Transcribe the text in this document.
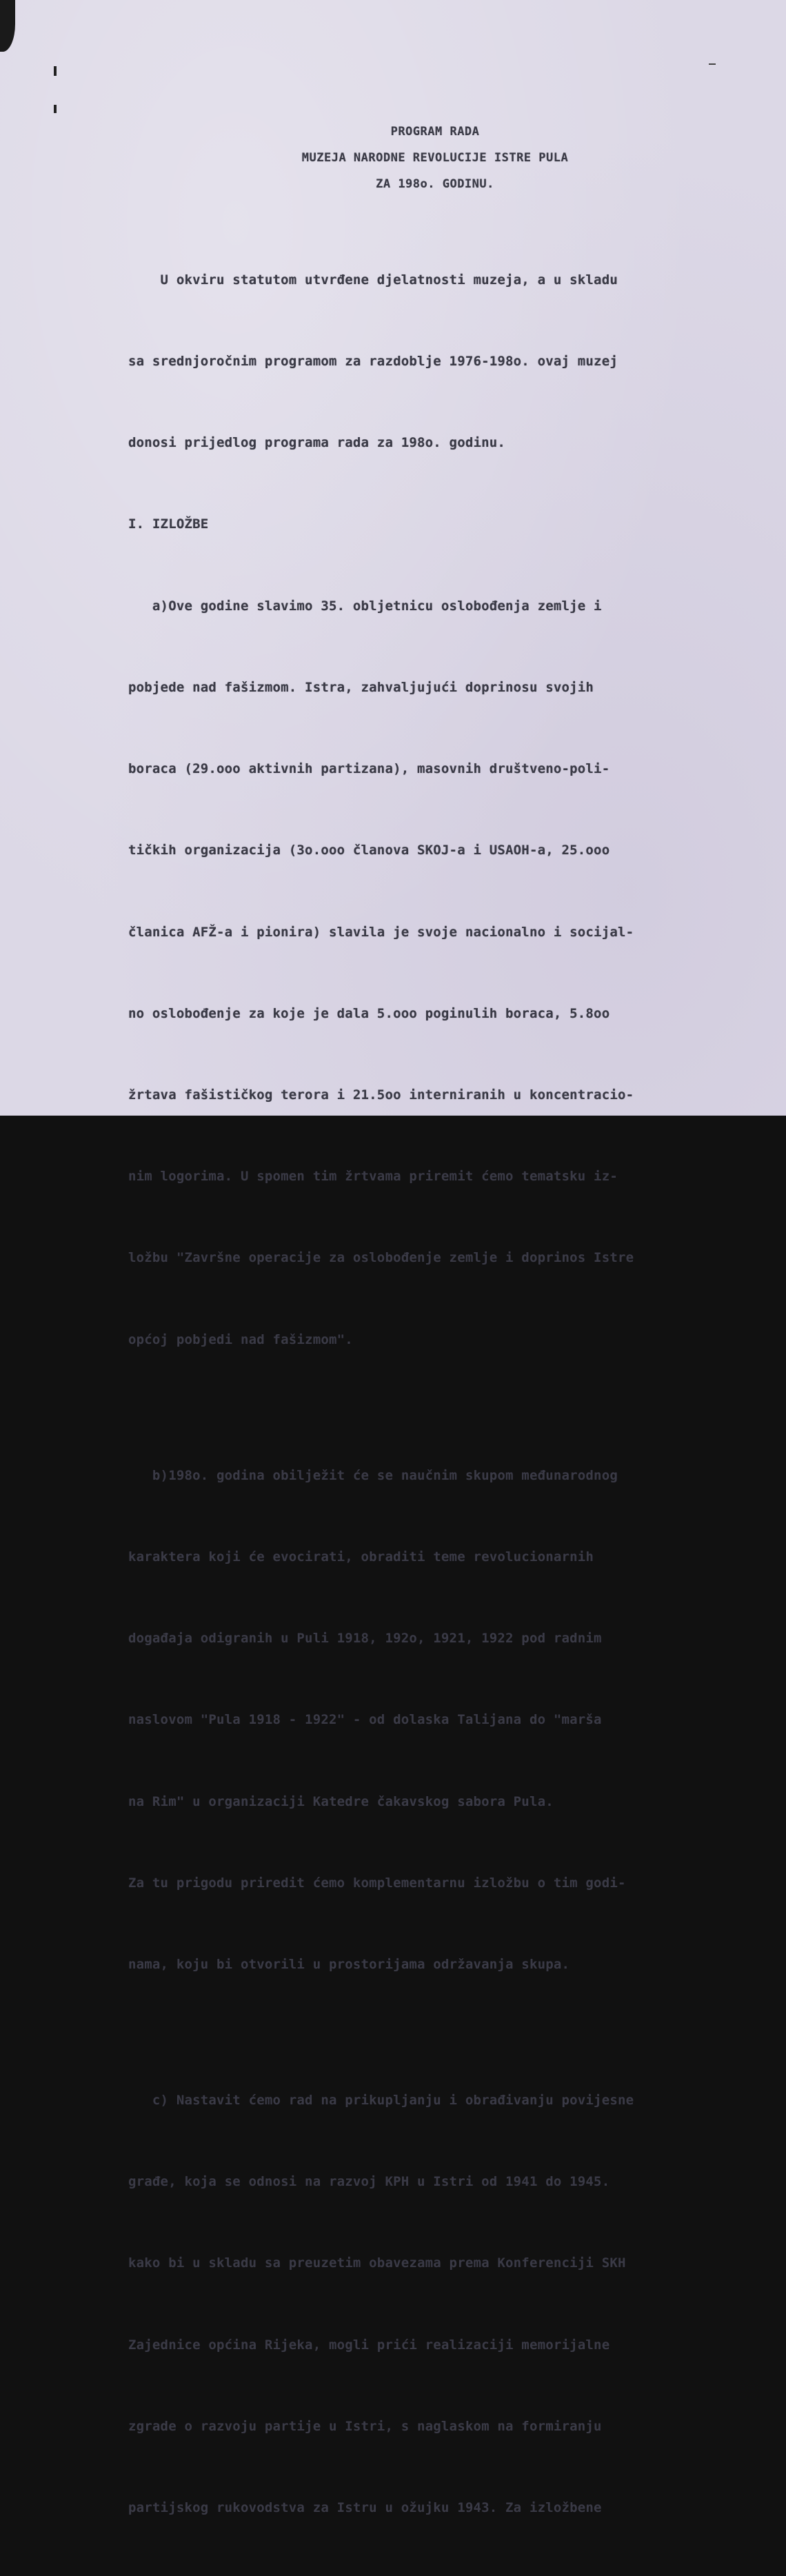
PROGRAM RADA
MUZEJA NARODNE REVOLUCIJE ISTRE PULA
ZA 198o. GODINU.

U okviru statutom utvrđene djelatnosti muzeja, a u skladu

sa srednjoročnim programom za razdoblje 1976-198o. ovaj muzej

donosi prijedlog programa rada za 198o. godinu.

I. IZLOŽBE

a)Ove godine slavimo 35. obljetnicu oslobođenja zemlje i

pobjede nad fašizmom. Istra, zahvaljujući doprinosu svojih

boraca (29.ooo aktivnih partizana), masovnih društveno-poli-

tičkih organizacija (3o.ooo članova SKOJ-a i USAOH-a, 25.ooo

članica AFŽ-a i pionira) slavila je svoje nacionalno i socijal-

no oslobođenje za koje je dala 5.ooo poginulih boraca, 5.8oo

žrtava fašističkog terora i 21.5oo interniranih u koncentracio-

nim logorima. U spomen tim žrtvama priremit ćemo tematsku iz-

ložbu "Završne operacije za oslobođenje zemlje i doprinos Istre

općoj pobjedi nad fašizmom".

b)198o. godina obilježit će se naučnim skupom međunarodnog

karaktera koji će evocirati, obraditi teme revolucionarnih

događaja odigranih u Puli 1918, 192o, 1921, 1922 pod radnim

naslovom "Pula 1918 - 1922" - od dolaska Talijana do "marša

na Rim" u organizaciji Katedre čakavskog sabora Pula.

Za tu prigodu priredit ćemo komplementarnu izložbu o tim godi-

nama, koju bi otvorili u prostorijama održavanja skupa.

c) Nastavit ćemo rad na prikupljanju i obrađivanju povijesne

građe, koja se odnosi na razvoj KPH u Istri od 1941 do 1945.

kako bi u skladu sa preuzetim obavezama prema Konferenciji SKH

Zajednice općina Rijeka, mogli prići realizaciji memorijalne

zgrade o razvoju partije u Istri, s naglaskom na formiranju

partijskog rukovodstva za Istru u ožujku 1943. Za izložbene
